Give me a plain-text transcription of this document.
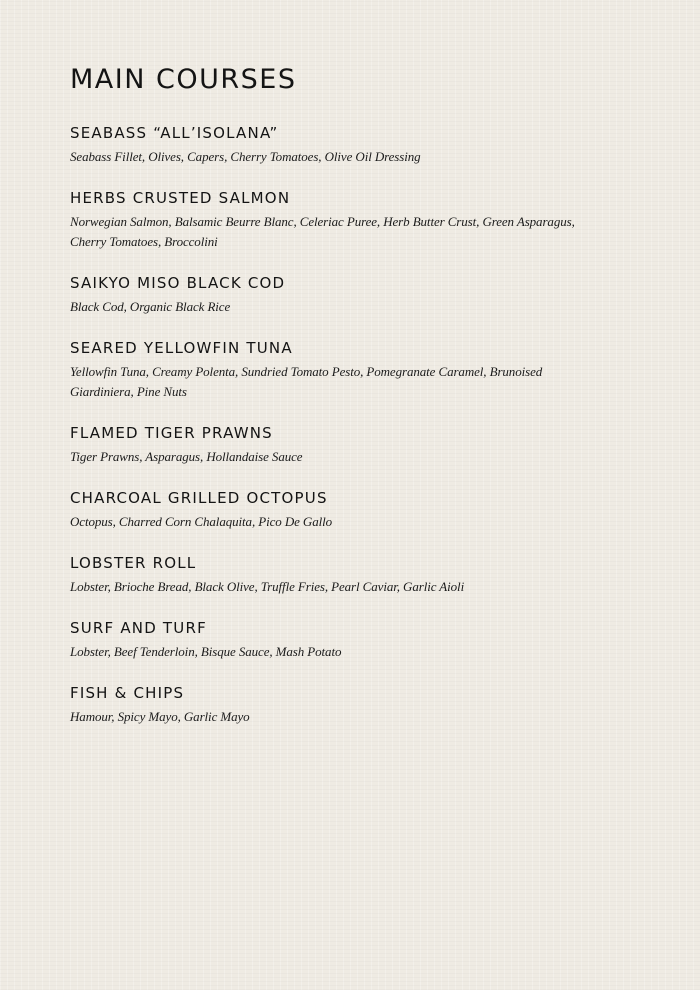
MAIN COURSES
SEABASS “ALL’ISOLANA”

Seabass Fillet, Olives, Capers, Cherry Tomatoes, Olive Oil Dressing

HERBS CRUSTED SALMON

Norwegian Salmon, Balsamic Beurre Blanc, Celeriac Puree, Herb Butter Crust, Green Asparagus, Cherry Tomatoes, Broccolini

SAIKYO MISO BLACK COD

Black Cod, Organic Black Rice

SEARED YELLOWFIN TUNA

Yellowfin Tuna, Creamy Polenta, Sundried Tomato Pesto, Pomegranate Caramel, Brunoised Giardiniera, Pine Nuts

FLAMED TIGER PRAWNS

Tiger Prawns, Asparagus, Hollandaise Sauce

CHARCOAL GRILLED OCTOPUS

Octopus, Charred Corn Chalaquita, Pico De Gallo

LOBSTER ROLL

Lobster, Brioche Bread, Black Olive, Truffle Fries, Pearl Caviar, Garlic Aioli

SURF AND TURF

Lobster, Beef Tenderloin, Bisque Sauce, Mash Potato

FISH & CHIPS

Hamour, Spicy Mayo, Garlic Mayo
